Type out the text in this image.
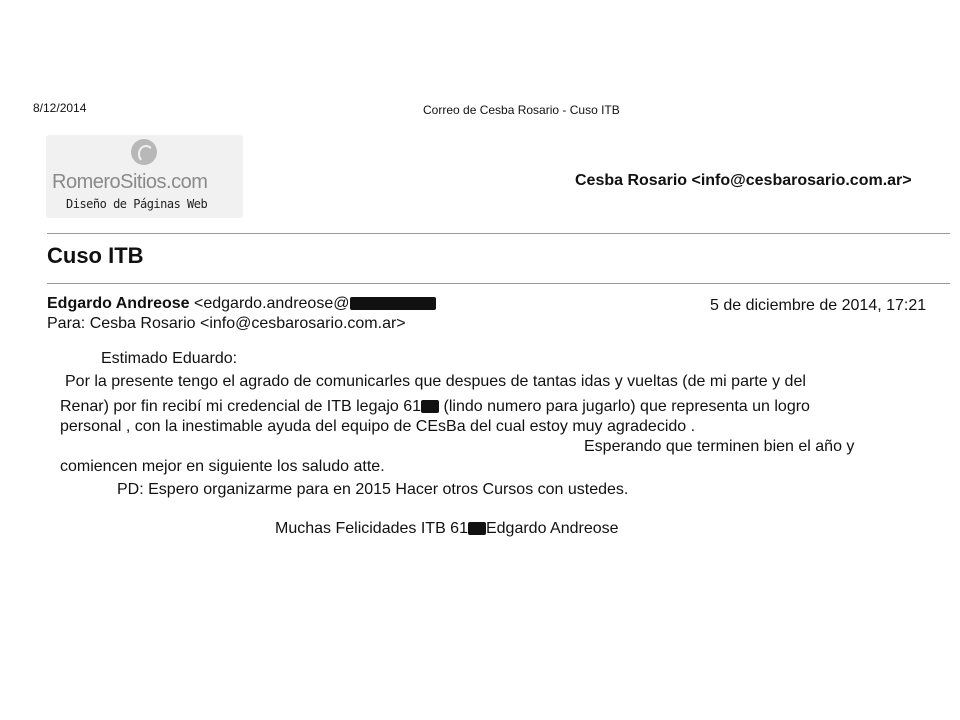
8/12/2014	Correo de Cesba Rosario - Cuso ITB
RomeroSitios.com
Diseño de Páginas Web
Cesba Rosario <info@cesbarosario.com.ar>
Cuso ITB
Edgardo Andreose <edgardo.andreose@	5 de diciembre de 2014, 17:21
Para: Cesba Rosario <info@cesbarosario.com.ar>
Estimado Eduardo:
Por la presente tengo el agrado de comunicarles que despues de tantas idas y vueltas (de mi parte y del
Renar) por fin recibí mi credencial de ITB legajo 61 (lindo numero para jugarlo) que representa un logro
personal , con la inestimable ayuda del equipo de CEsBa del cual estoy muy agradecido .
Esperando que terminen bien el año y
comiencen mejor en siguiente los saludo atte.
PD: Espero organizarme para en 2015 Hacer otros Cursos con ustedes.
Muchas Felicidades ITB 61 Edgardo Andreose
